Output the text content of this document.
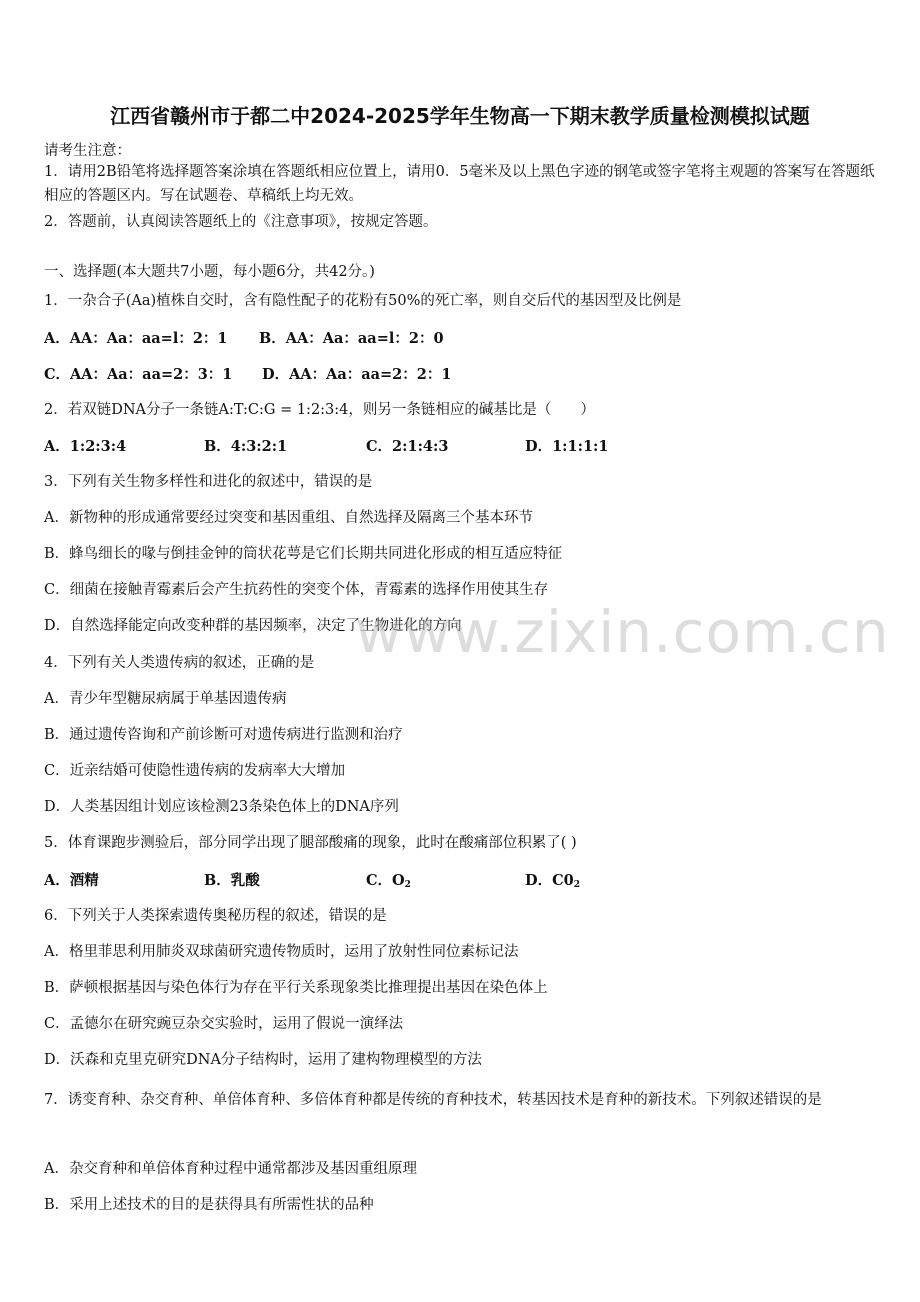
江西省赣州市于都二中2024-2025学年生物高一下期末教学质量检测模拟试题
请考生注意：
1．请用2B铅笔将选择题答案涂填在答题纸相应位置上，请用0．5毫米及以上黑色字迹的钢笔或签字笔将主观题的答案写在答题纸相应的答题区内。写在试题卷、草稿纸上均无效。
2．答题前，认真阅读答题纸上的《注意事项》，按规定答题。
一、选择题(本大题共7小题，每小题6分，共42分。)
1．一杂合子(Aa)植株自交时，含有隐性配子的花粉有50%的死亡率，则自交后代的基因型及比例是
A．AA：Aa：aa=l：2：1 B．AA：Aa：aa=l：2：0
C．AA：Aa：aa=2：3：1 D．AA：Aa：aa=2：2：1
2．若双链DNA分子一条链A:T:C:G = 1:2:3:4，则另一条链相应的碱基比是（　　）
A．1:2:3:4	B．4:3:2:1	C．2:1:4:3	D．1:1:1:1
3．下列有关生物多样性和进化的叙述中，错误的是
A．新物种的形成通常要经过突变和基因重组、自然选择及隔离三个基本环节
B．蜂鸟细长的喙与倒挂金钟的筒状花萼是它们长期共同进化形成的相互适应特征
C．细菌在接触青霉素后会产生抗药性的突变个体，青霉素的选择作用使其生存
D．自然选择能定向改变种群的基因频率，决定了生物进化的方向
4．下列有关人类遗传病的叙述，正确的是
A．青少年型糖尿病属于单基因遗传病
B．通过遗传咨询和产前诊断可对遗传病进行监测和治疗
C．近亲结婚可使隐性遗传病的发病率大大增加
D．人类基因组计划应该检测23条染色体上的DNA序列
5．体育课跑步测验后，部分同学出现了腿部酸痛的现象，此时在酸痛部位积累了( )
A．酒精	B．乳酸	C．$O_2$	D．$C0_2$
6．下列关于人类探索遗传奥秘历程的叙述，错误的是
A．格里菲思利用肺炎双球菌研究遗传物质时，运用了放射性同位素标记法
B．萨顿根据基因与染色体行为存在平行关系现象类比推理提出基因在染色体上
C．孟德尔在研究豌豆杂交实验时，运用了假说一演绎法
D．沃森和克里克研究DNA分子结构时，运用了建构物理模型的方法
7．诱变育种、杂交育种、单倍体育种、多倍体育种都是传统的育种技术，转基因技术是育种的新技术。下列叙述错误的是
A．杂交育种和单倍体育种过程中通常都涉及基因重组原理
B．采用上述技术的目的是获得具有所需性状的品种
www.zixin.com.cn
